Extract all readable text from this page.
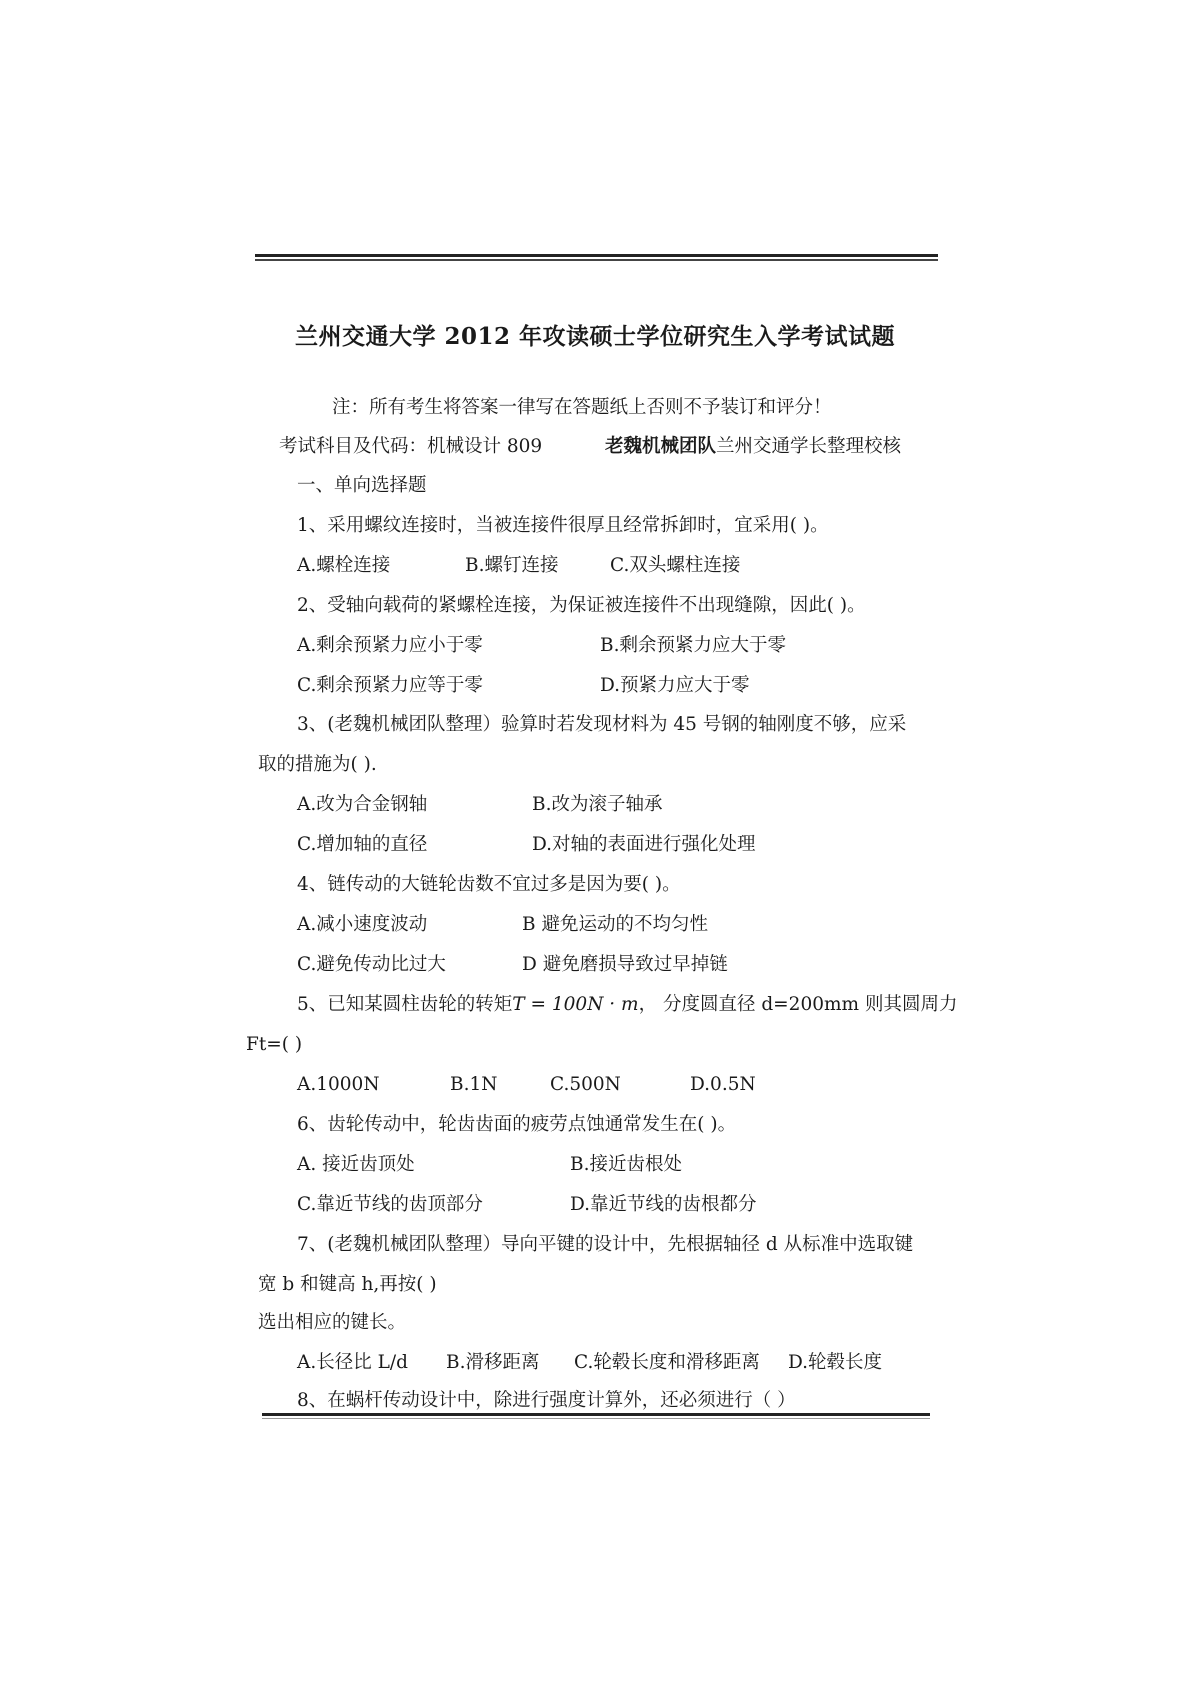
兰州交通大学 2012 年攻读硕士学位研究生入学考试试题
注：所有考生将答案一律写在答题纸上否则不予装订和评分！
考试科目及代码：机械设计 809	老魏机械团队兰州交通学长整理校核
一、单向选择题
1、采用螺纹连接时，当被连接件很厚且经常拆卸时，宜采用( )。
A.螺栓连接	B.螺钉连接	C.双头螺柱连接
2、受轴向载荷的紧螺栓连接，为保证被连接件不出现缝隙，因此( )。
A.剩余预紧力应小于零	B.剩余预紧力应大于零
C.剩余预紧力应等于零	D.预紧力应大于零
3、(老魏机械团队整理）验算时若发现材料为 45 号钢的轴刚度不够，应采
取的措施为( ).
A.改为合金钢轴	B.改为滚子轴承
C.增加轴的直径	D.对轴的表面进行强化处理
4、链传动的大链轮齿数不宜过多是因为要( )。
A.减小速度波动	B 避免运动的不均匀性
C.避免传动比过大	D 避免磨损导致过早掉链
5、已知某圆柱齿轮的转矩T = 100N · m， 分度圆直径 d=200mm 则其圆周力
Ft=( )
A.1000N	B.1N	C.500N	D.0.5N
6、齿轮传动中，轮齿齿面的疲劳点蚀通常发生在( )。
A. 接近齿顶处	B.接近齿根处
C.靠近节线的齿顶部分	D.靠近节线的齿根都分
7、(老魏机械团队整理）导向平键的设计中，先根据轴径 d 从标准中选取键
宽 b 和键高 h,再按( )
选出相应的键长。
A.长径比 L/d B.滑移距离 C.轮毂长度和滑移距离 D.轮毂长度
8、在蜗杆传动设计中，除进行强度计算外，还必须进行（ ）
